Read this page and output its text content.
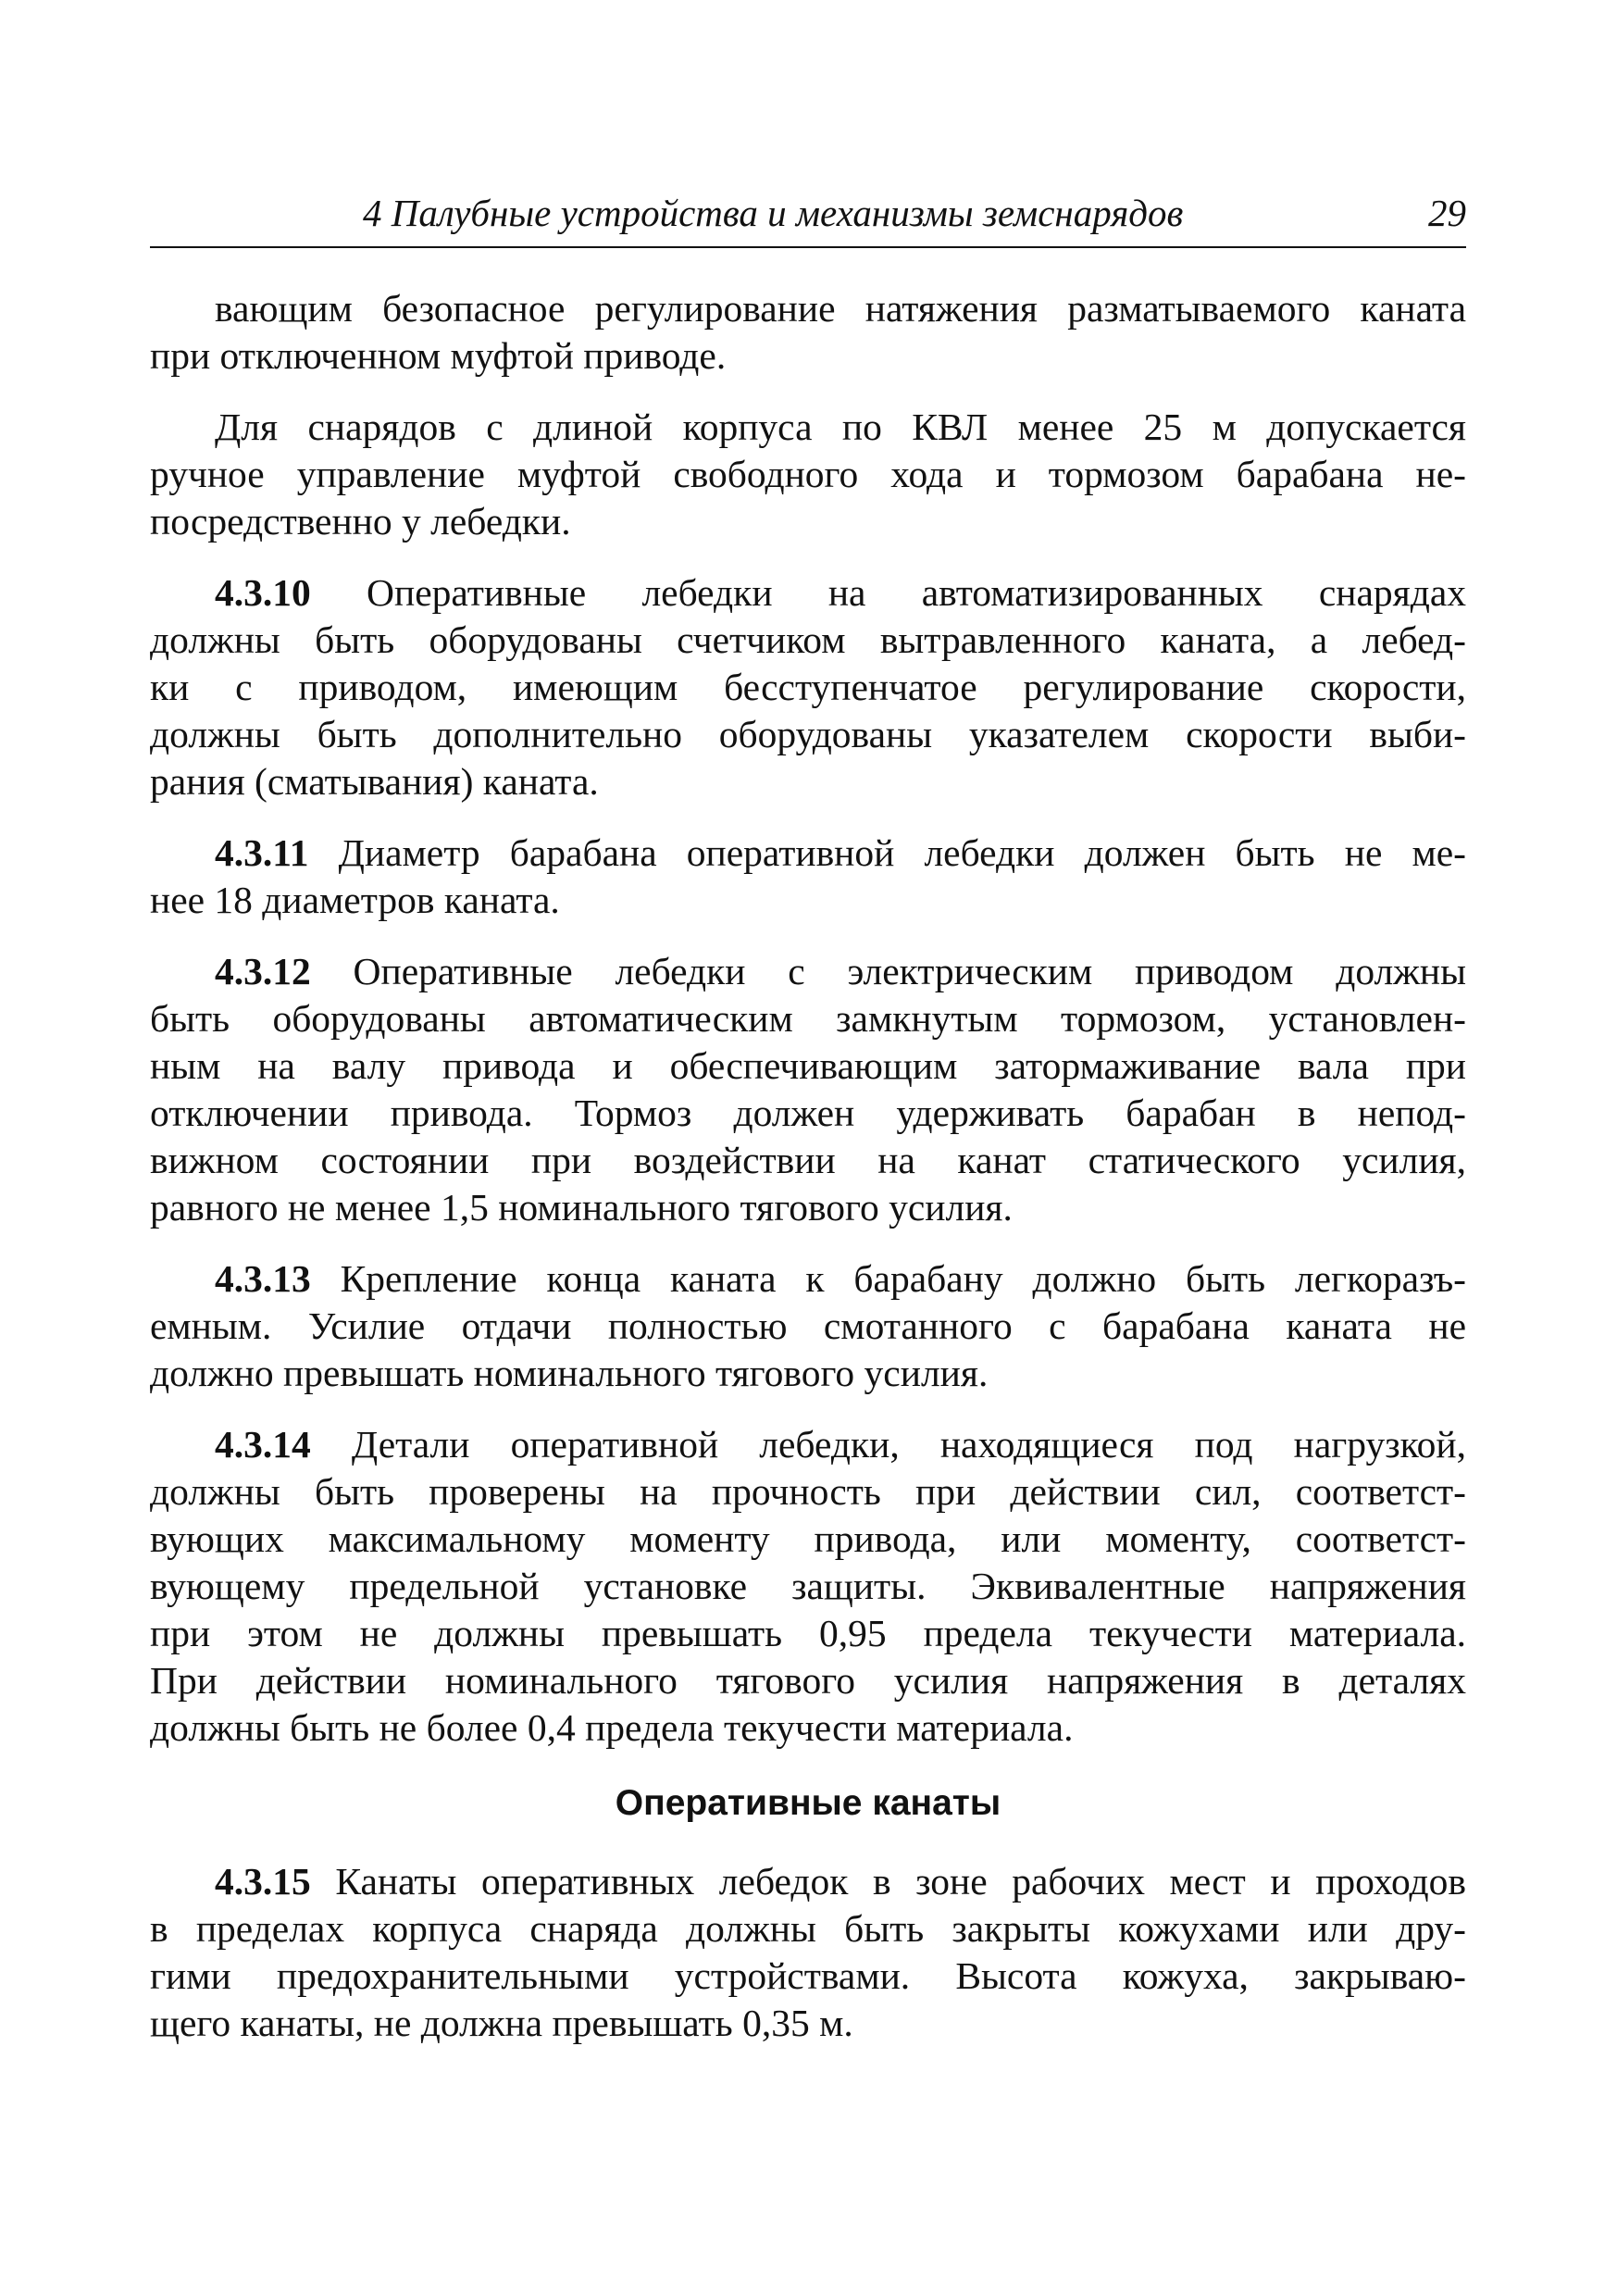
4 Палубные устройства и механизмы земснарядов	29
вающим безопасное регулирование натяжения разматываемого каната
при отключенном муфтой приводе.
Для снарядов с длиной корпуса по КВЛ менее 25 м допускается
ручное управление муфтой свободного хода и тормозом барабана не-
посредственно у лебедки.
4.3.10 Оперативные лебедки на автоматизированных снарядах
должны быть оборудованы счетчиком вытравленного каната, а лебед-
ки с приводом, имеющим бесступенчатое регулирование скорости,
должны быть дополнительно оборудованы указателем скорости выби-
рания (сматывания) каната.
4.3.11 Диаметр барабана оперативной лебедки должен быть не ме-
нее 18 диаметров каната.
4.3.12 Оперативные лебедки с электрическим приводом должны
быть оборудованы автоматическим замкнутым тормозом, установлен-
ным на валу привода и обеспечивающим затормаживание вала при
отключении привода. Тормоз должен удерживать барабан в непод-
вижном состоянии при воздействии на канат статического усилия,
равного не менее 1,5 номинального тягового усилия.
4.3.13 Крепление конца каната к барабану должно быть легкоразъ-
емным. Усилие отдачи полностью смотанного с барабана каната не
должно превышать номинального тягового усилия.
4.3.14 Детали оперативной лебедки, находящиеся под нагрузкой,
должны быть проверены на прочность при действии сил, соответст-
вующих максимальному моменту привода, или моменту, соответст-
вующему предельной установке защиты. Эквивалентные напряжения
при этом не должны превышать 0,95 предела текучести материала.
При действии номинального тягового усилия напряжения в деталях
должны быть не более 0,4 предела текучести материала.
Оперативные канаты
4.3.15 Канаты оперативных лебедок в зоне рабочих мест и проходов
в пределах корпуса снаряда должны быть закрыты кожухами или дру-
гими предохранительными устройствами. Высота кожуха, закрываю-
щего канаты, не должна превышать 0,35 м.
